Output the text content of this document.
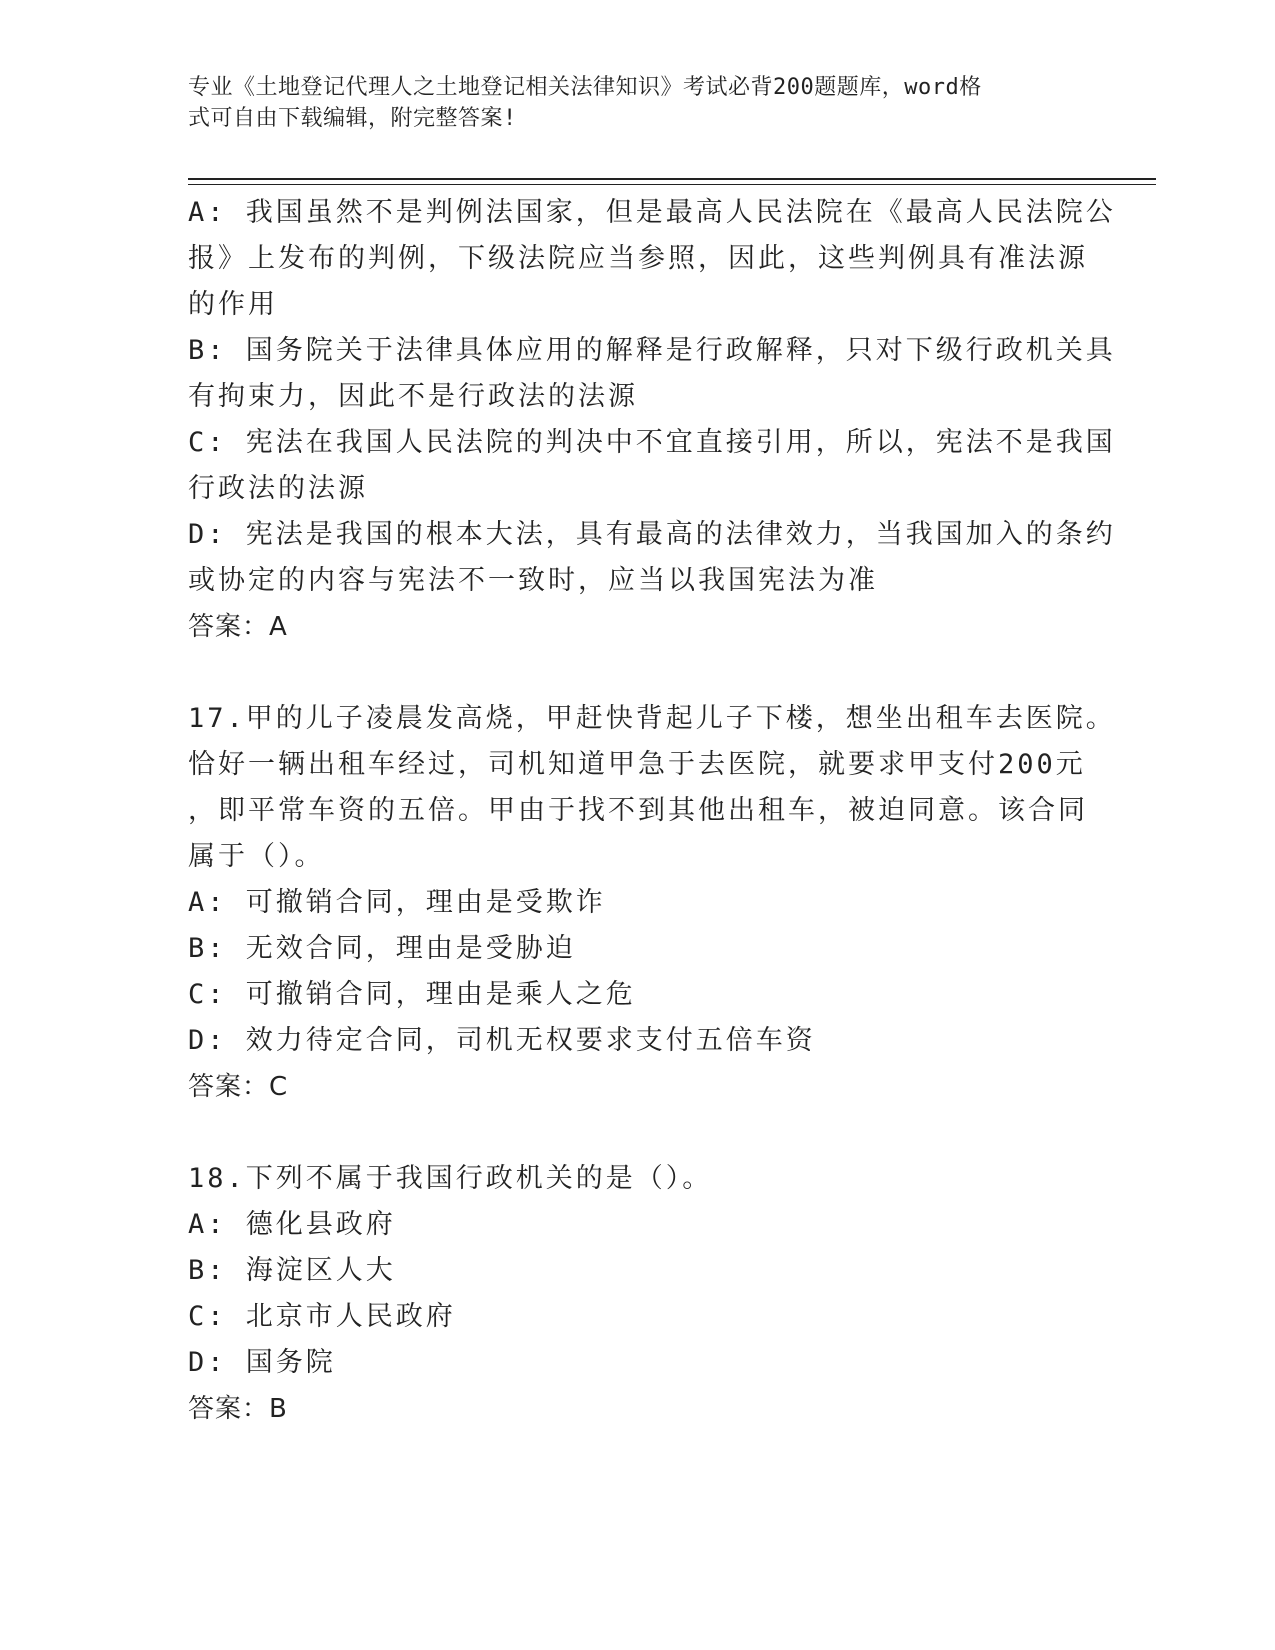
专业《土地登记代理人之土地登记相关法律知识》考试必背200题题库，word格
式可自由下载编辑，附完整答案!
A: 我国虽然不是判例法国家，但是最高人民法院在《最高人民法院公
报》上发布的判例，下级法院应当参照，因此，这些判例具有准法源
的作用
B: 国务院关于法律具体应用的解释是行政解释，只对下级行政机关具
有拘束力，因此不是行政法的法源
C: 宪法在我国人民法院的判决中不宜直接引用，所以，宪法不是我国
行政法的法源
D: 宪法是我国的根本大法，具有最高的法律效力，当我国加入的条约
或协定的内容与宪法不一致时，应当以我国宪法为准
答案：A
17.甲的儿子凌晨发高烧，甲赶快背起儿子下楼，想坐出租车去医院。
恰好一辆出租车经过，司机知道甲急于去医院，就要求甲支付200元
，即平常车资的五倍。甲由于找不到其他出租车，被迫同意。该合同
属于（）。
A: 可撤销合同，理由是受欺诈
B: 无效合同，理由是受胁迫
C: 可撤销合同，理由是乘人之危
D: 效力待定合同，司机无权要求支付五倍车资
答案：C
18.下列不属于我国行政机关的是（）。
A: 德化县政府
B: 海淀区人大
C: 北京市人民政府
D: 国务院
答案：B
